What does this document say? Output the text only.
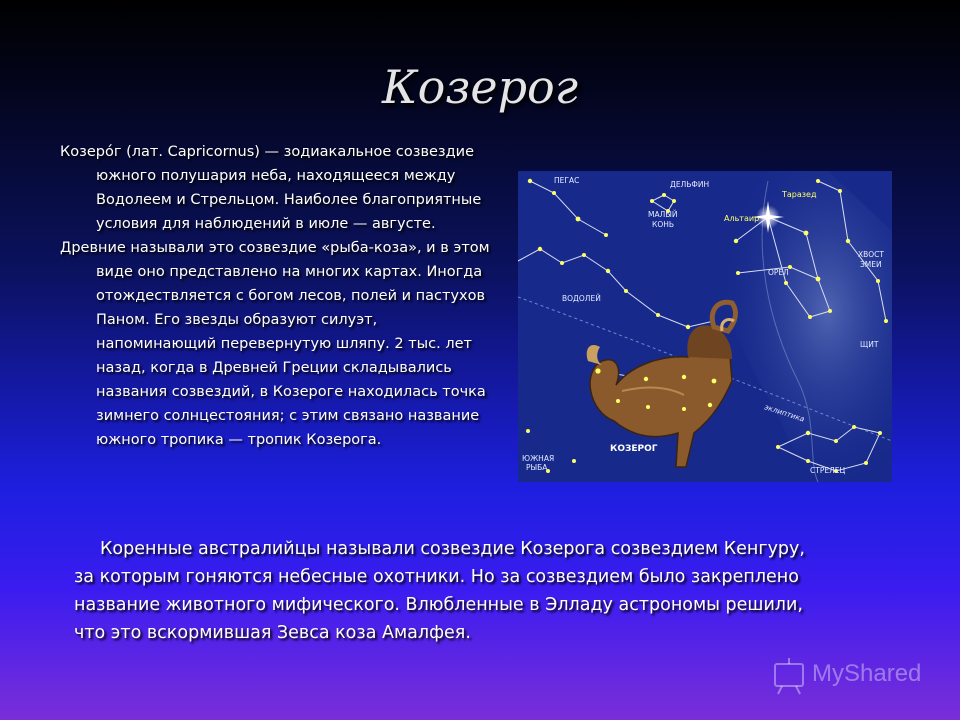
Козерог

Козеро́г (лат. Capricornus) — зодиакальное созвездие южного полушария неба, находящееся между Водолеем и Стрельцом. Наиболее благоприятные условия для наблюдений в июле — августе.

Древние называли это созвездие «рыба-коза», и в этом виде оно представлено на многих картах. Иногда отождествляется с богом лесов, полей и пастухов Паном. Его звезды образуют силуэт, напоминающий перевернутую шляпу. 2 тыс. лет назад, когда в Древней Греции складывались названия созвездий, в Козероге находилась точка зимнего солнцестояния; с этим связано название южного тропика — тропик Козерога.

ПЕГАС	ДЕЛЬФИН
МАЛЫЙ
КОНЬ
ХВОСТ
ЗМЕИ
ВОДОЛЕЙ
ОРЕЛ
ЩИТ
ЮЖНАЯ
РЫБА	СТРЕЛЕЦ
эклиптика
Альтаир
Таразед
КОЗЕРОГ

Коренные австралийцы называли созвездие Козерога созвездием Кенгуру, за которым гоняются небесные охотники. Но за созвездием было закреплено название животного мифического. Влюбленные в Элладу астрономы решили, что это вскормившая Зевса коза Амалфея.

MyShared
